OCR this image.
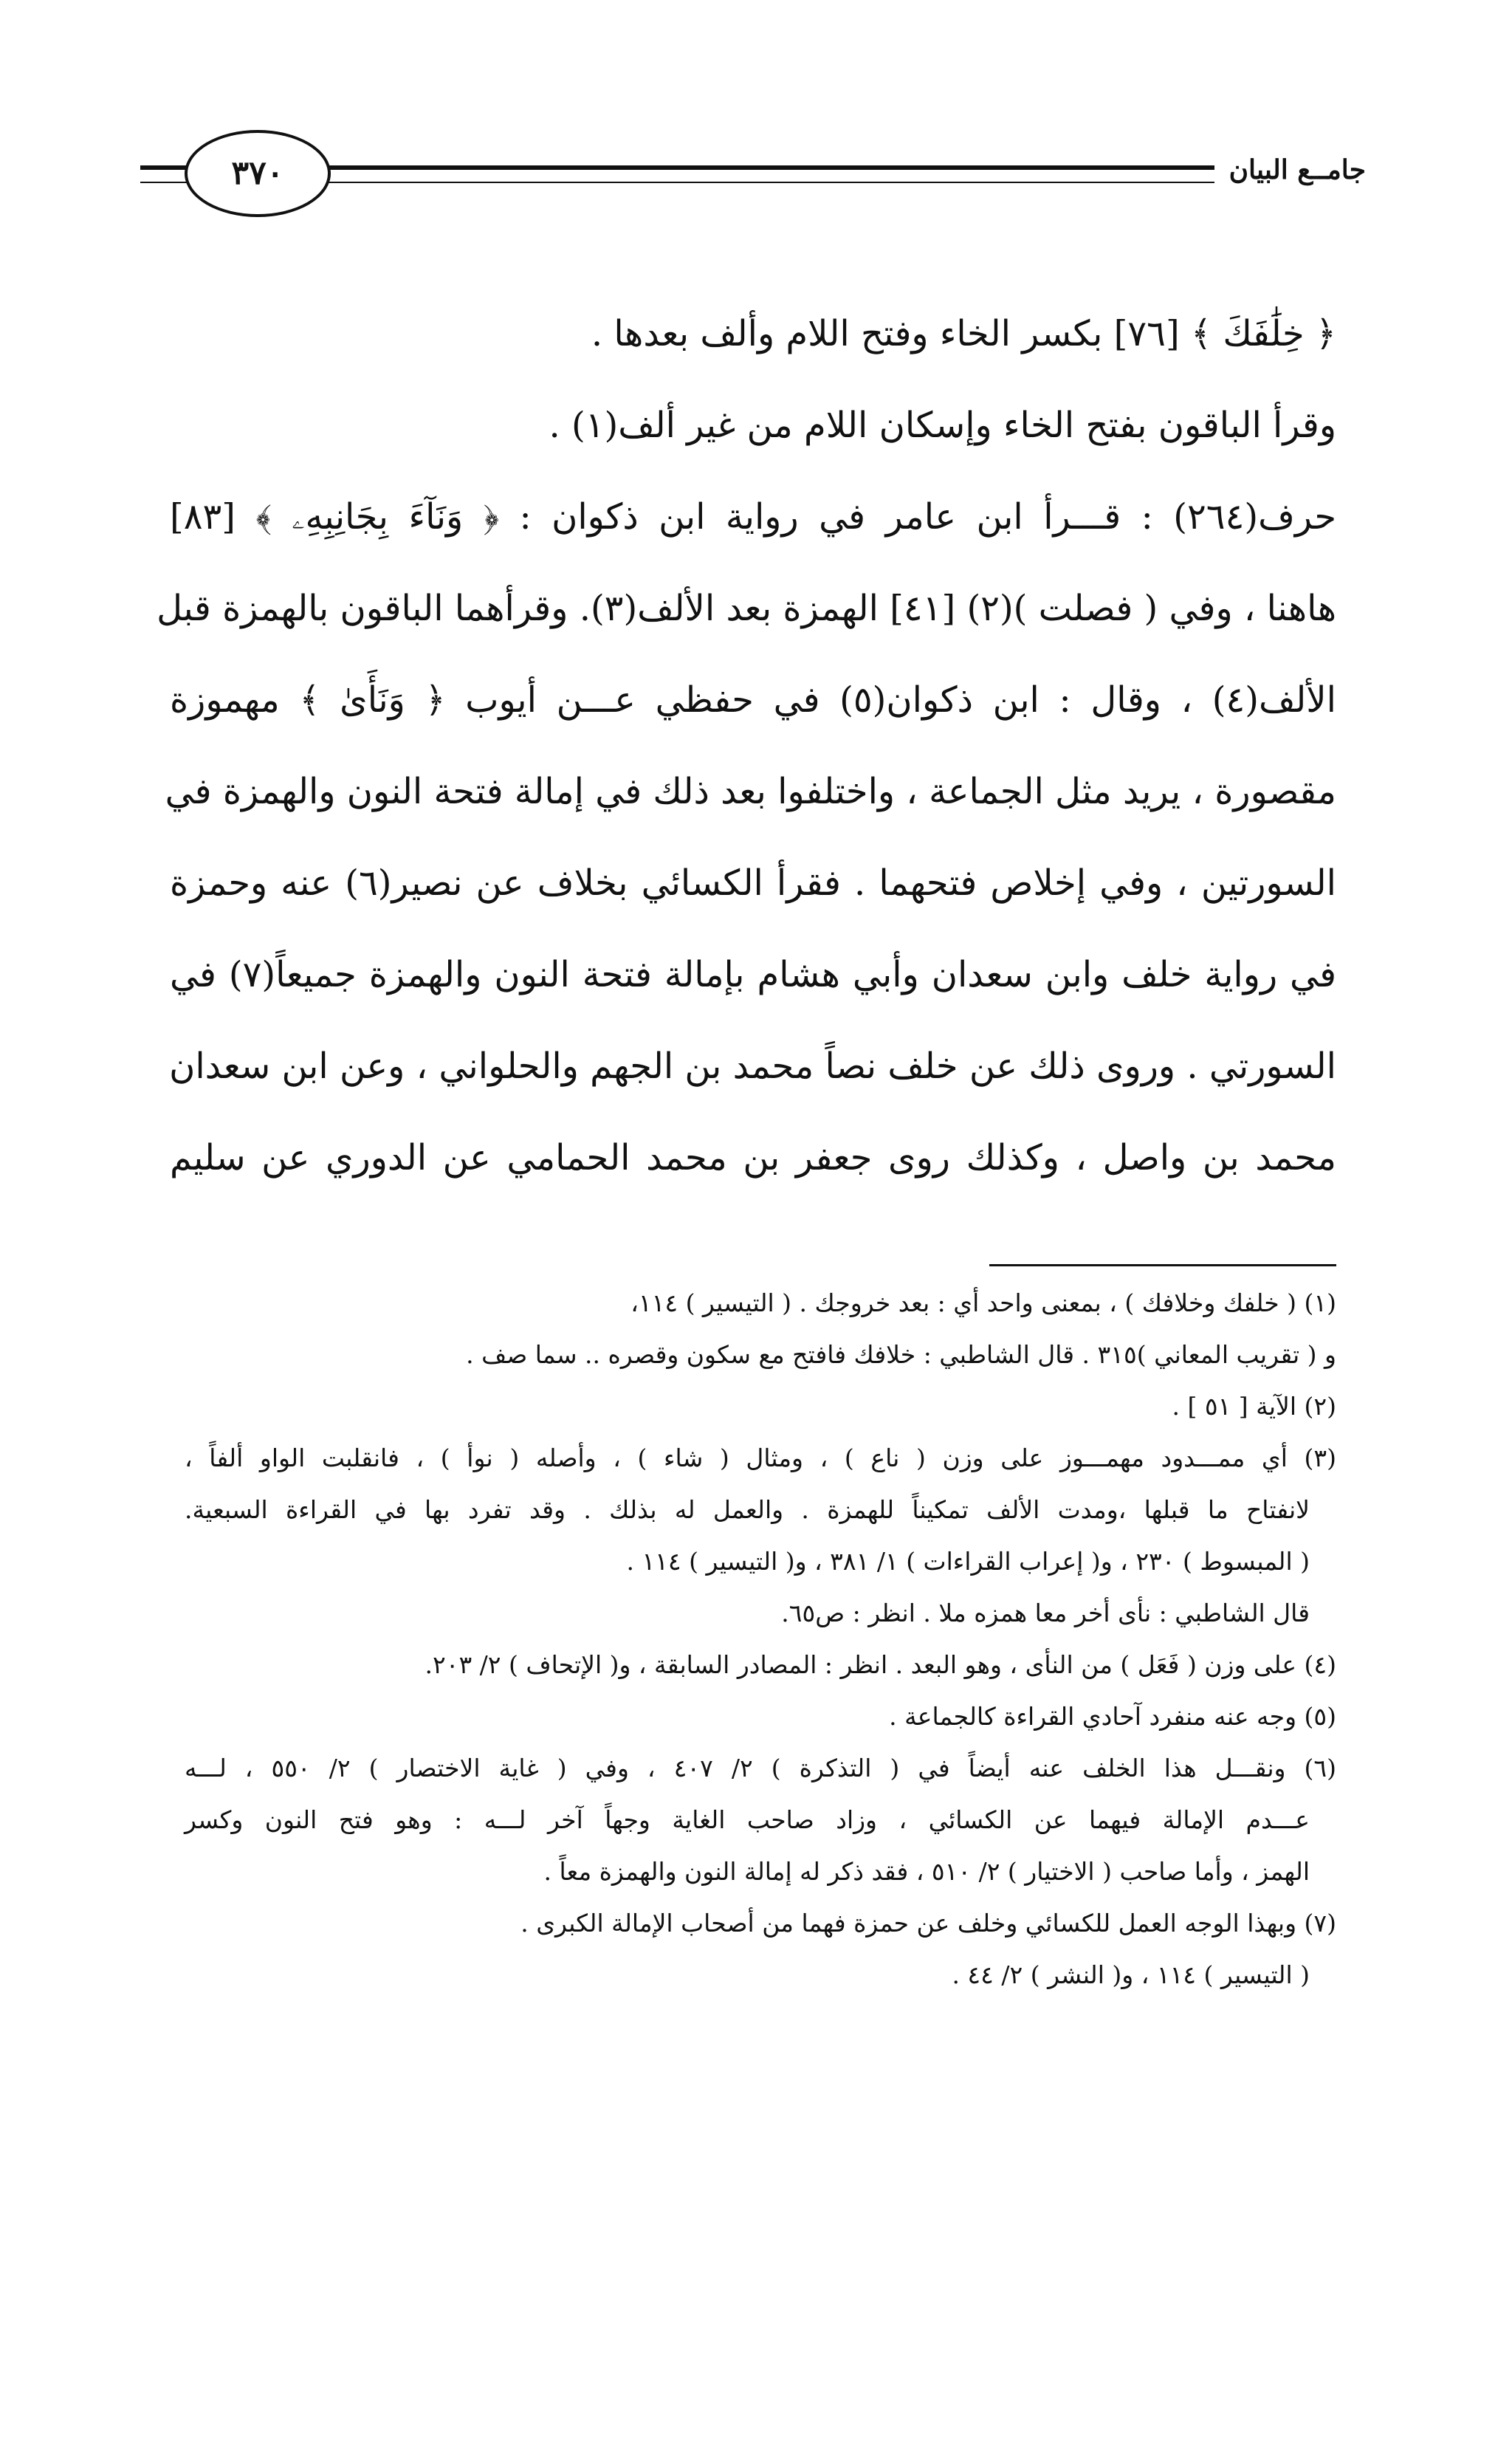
٣٧٠	جامــع البيان
﴿ خِلَٰفَكَ ﴾ [٧٦] بكسر الخاء وفتح اللام وألف بعدها .
وقرأ الباقون بفتح الخاء وإسكان اللام من غير ألف(١) .
حرف(٢٦٤) : قـــرأ ابن عامر في رواية ابن ذكوان : ﴿ وَنَآءَ بِجَانِبِهِۦ ﴾ [٨٣]
هاهنا ، وفي ( فصلت )(٢) [٤١] الهمزة بعد الألف(٣). وقرأهما الباقون بالهمزة قبل
الألف(٤) ، وقال : ابن ذكوان(٥) في حفظي عـــن أيوب ﴿ وَنَأَىٰ ﴾ مهموزة
مقصورة ، يريد مثل الجماعة ، واختلفوا بعد ذلك في إمالة فتحة النون والهمزة في
السورتين ، وفي إخلاص فتحهما . فقرأ الكسائي بخلاف عن نصير(٦) عنه وحمزة
في رواية خلف وابن سعدان وأبي هشام بإمالة فتحة النون والهمزة جميعاً(٧) في
السورتي . وروى ذلك عن خلف نصاً محمد بن الجهم والحلواني ، وعن ابن سعدان
محمد بن واصل ، وكذلك روى جعفر بن محمد الحمامي عن الدوري عن سليم
(١) ( خلفك وخلافك ) ، بمعنى واحد أي : بعد خروجك . ( التيسير ) ١١٤،
و ( تقريب المعاني )٣١٥ . قال الشاطبي : خلافك فافتح مع سكون وقصره .. سما صف .
(٢) الآية [ ٥١ ] .
(٣) أي ممـــدود مهمـــوز على وزن ( ناع ) ، ومثال ( شاء ) ، وأصله ( نوأ ) ، فانقلبت الواو ألفاً ،
لانفتاح ما قبلها ،ومدت الألف تمكيناً للهمزة . والعمل له بذلك . وقد تفرد بها في القراءة السبعية.
( المبسوط ) ٢٣٠ ، و( إعراب القراءات ) ١/ ٣٨١ ، و( التيسير ) ١١٤ .
قال الشاطبي : نأى أخر معا همزه ملا . انظر : ص٦٥.
(٤) على وزن ( فَعَل ) من النأى ، وهو البعد . انظر : المصادر السابقة ، و( الإتحاف ) ٢/ ٢٠٣.
(٥) وجه عنه منفرد آحادي القراءة كالجماعة .
(٦) ونقـــل هذا الخلف عنه أيضاً في ( التذكرة ) ٢/ ٤٠٧ ، وفي ( غاية الاختصار ) ٢/ ٥٥٠ ، لـــه
عـــدم الإمالة فيهما عن الكسائي ، وزاد صاحب الغاية وجهاً آخر لـــه : وهو فتح النون وكسر
الهمز ، وأما صاحب ( الاختيار ) ٢/ ٥١٠ ، فقد ذكر له إمالة النون والهمزة معاً .
(٧) وبهذا الوجه العمل للكسائي وخلف عن حمزة فهما من أصحاب الإمالة الكبرى .
( التيسير ) ١١٤ ، و( النشر ) ٢/ ٤٤ .
